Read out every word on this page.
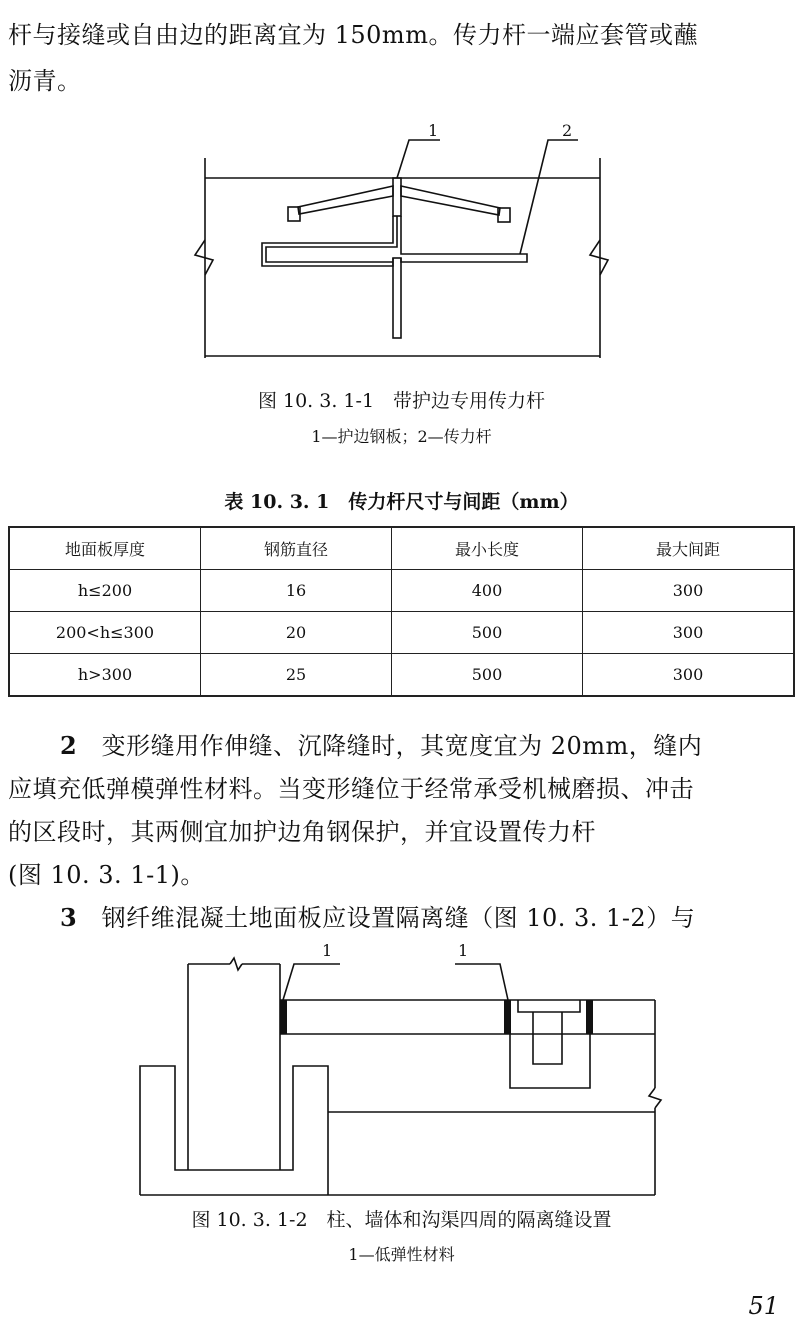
杆与接缝或自由边的距离宜为 150mm。传力杆一端应套管或蘸
沥青。
1	2
图 10. 3. 1-1　带护边专用传力杆
1—护边钢板；2—传力杆
表 10. 3. 1　传力杆尺寸与间距（mm）
地面板厚度	钢筋直径	最小长度	最大间距
h≤200	16	400	300
200<h≤300	20	500	300
h>300	25	500	300
2 变形缝用作伸缝、沉降缝时，其宽度宜为 20mm，缝内
应填充低弹模弹性材料。当变形缝位于经常承受机械磨损、冲击
的区段时，其两侧宜加护边角钢保护，并宜设置传力杆
(图 10. 3. 1-1)。
3 钢纤维混凝土地面板应设置隔离缝（图 10. 3. 1-2）与
1	1
图 10. 3. 1-2　柱、墙体和沟渠四周的隔离缝设置
1—低弹性材料
51
